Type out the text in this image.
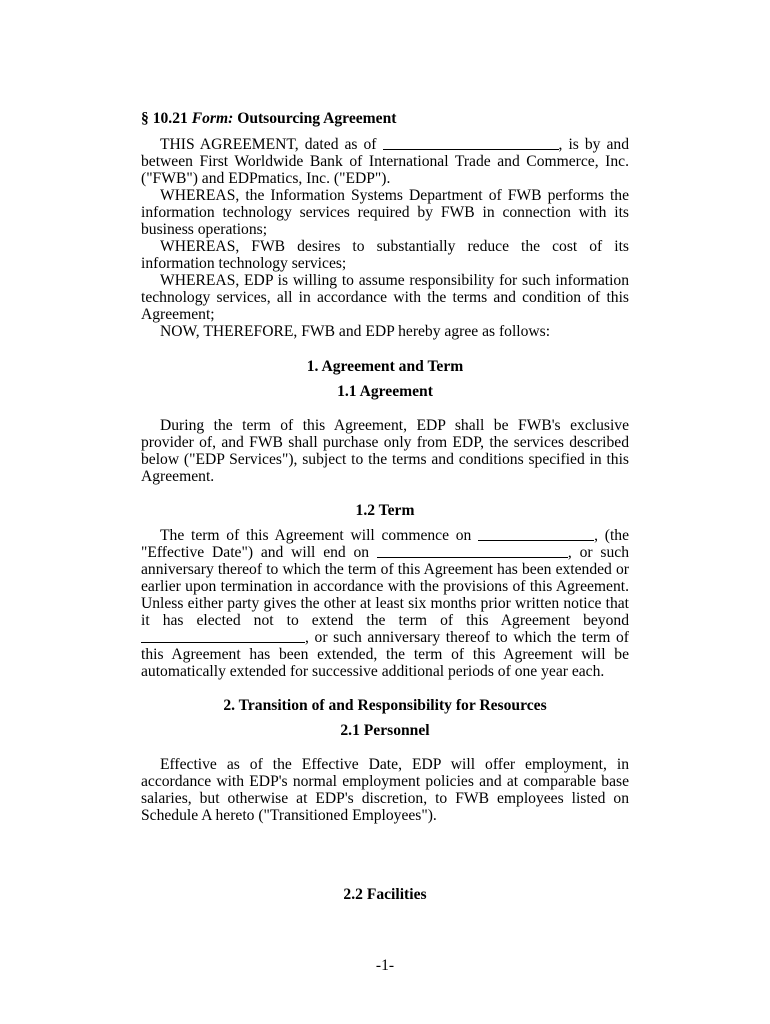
§ 10.21 Form: Outsourcing Agreement

THIS AGREEMENT, dated as of	, is by and between First Worldwide Bank of International Trade and Commerce, Inc. ("FWB") and EDPmatics, Inc. ("EDP").

WHEREAS, the Information Systems Department of FWB performs the information technology services required by FWB in connection with its business operations;

WHEREAS, FWB desires to substantially reduce the cost of its information technology services;

WHEREAS, EDP is willing to assume responsibility for such information technology services, all in accordance with the terms and condition of this Agreement;

NOW, THEREFORE, FWB and EDP hereby agree as follows:

1. Agreement and Term
1.1 Agreement

During the term of this Agreement, EDP shall be FWB's exclusive provider of, and FWB shall purchase only from EDP, the services described below ("EDP Services"), subject to the terms and conditions specified in this Agreement.

1.2 Term

The term of this Agreement will commence on	, (the "Effective Date") and will end on	, or such anniversary thereof to which the term of this Agreement has been extended or earlier upon termination in accordance with the provisions of this Agreement. Unless either party gives the other at least six months prior written notice that it has elected not to extend the term of this Agreement beyond , or such anniversary thereof to which the term of this Agreement has been extended, the term of this Agreement will be automatically extended for successive additional periods of one year each.

2. Transition of and Responsibility for Resources
2.1 Personnel

Effective as of the Effective Date, EDP will offer employment, in accordance with EDP's normal employment policies and at comparable base salaries, but otherwise at EDP's discretion, to FWB employees listed on Schedule A hereto ("Transitioned Employees").

2.2 Facilities
-1-
